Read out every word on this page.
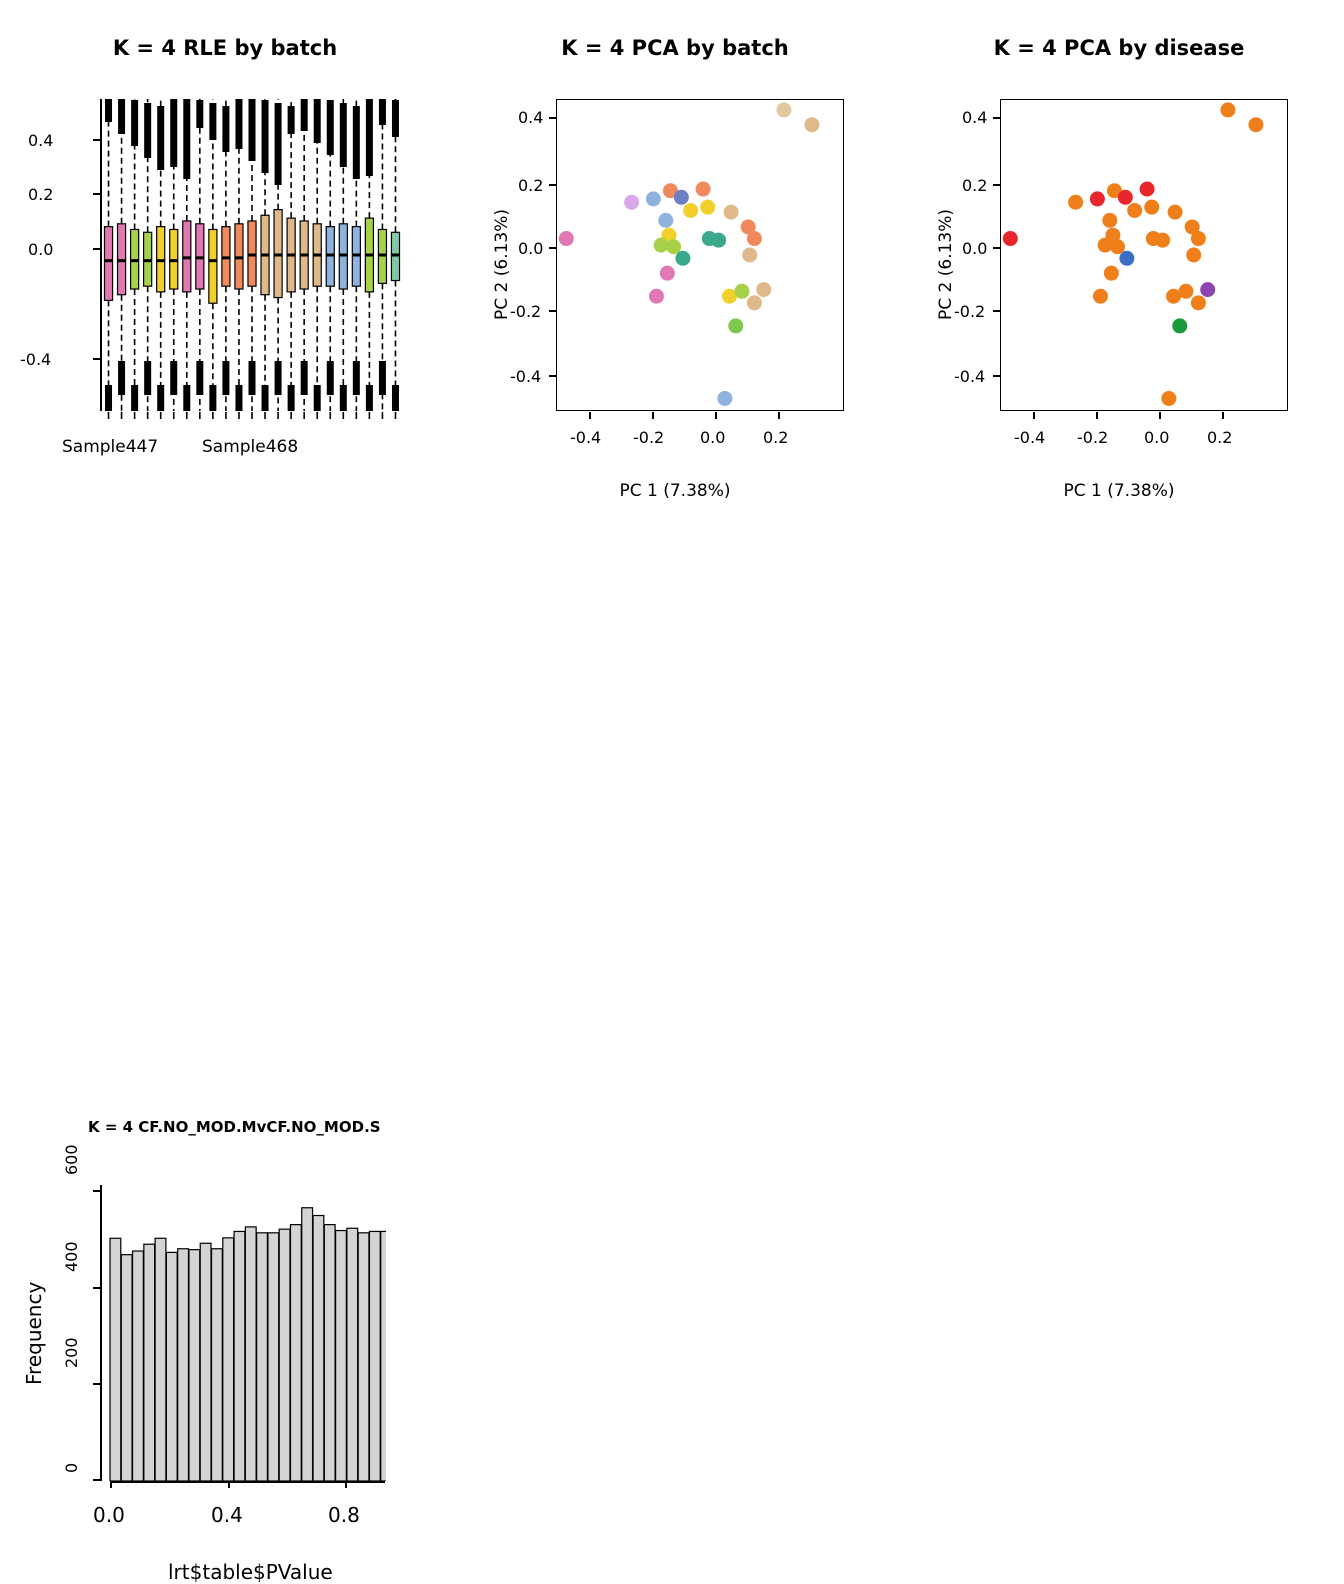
K = 4 RLE by batch
0.4
0.2
0.0
-0.4
Sample447	Sample468
K = 4 PCA by batch
0.4
0.2
0.0
-0.2
-0.4
-0.4 -0.2 0.0 0.2
PC 1 (7.38%)
PC 2 (6.13%)
K = 4 PCA by disease
0.4
0.2
0.0
-0.2
-0.4
-0.4 -0.2 0.0 0.2
PC 1 (7.38%)
PC 2 (6.13%)
K = 4 CF.NO_MOD.MvCF.NO_MOD.S
600
400
200
0
0.0	0.4	0.8
lrt$table$PValue
Frequency
